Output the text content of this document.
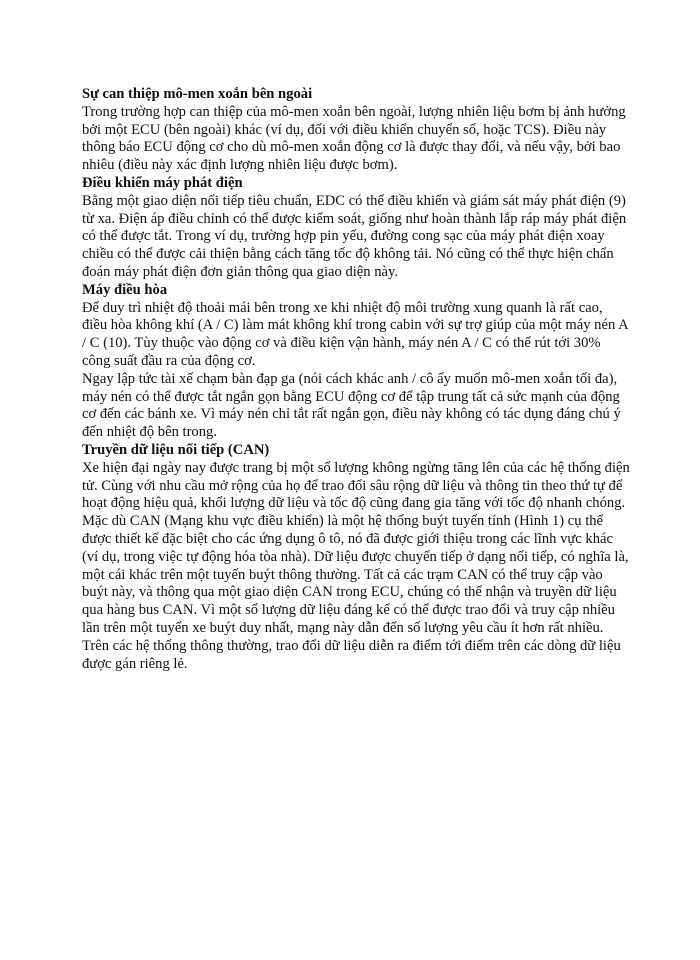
Sự can thiệp mô-men xoắn bên ngoài

Trong trường hợp can thiệp của mô-men xoắn bên ngoài, lượng nhiên liệu bơm bị ảnh hưởng bởi một ECU (bên ngoài) khác (ví dụ, đối với điều khiển chuyển số, hoặc TCS). Điều này thông báo ECU động cơ cho dù mô-men xoắn động cơ là được thay đổi, và nếu vậy, bởi bao nhiêu (điều này xác định lượng nhiên liệu được bơm).

Điều khiển máy phát điện

Bằng một giao diện nối tiếp tiêu chuẩn, EDC có thể điều khiển và giám sát máy phát điện (9) từ xa. Điện áp điều chỉnh có thể được kiểm soát, giống như hoàn thành lắp ráp máy phát điện có thể được tắt. Trong ví dụ, trường hợp pin yếu, đường cong sạc của máy phát điện xoay chiều có thể được cải thiện bằng cách tăng tốc độ không tải. Nó cũng có thể thực hiện chẩn đoán máy phát điện đơn giản thông qua giao diện này.

Máy điều hòa

Để duy trì nhiệt độ thoải mái bên trong xe khi nhiệt độ môi trường xung quanh là rất cao, điều hòa không khí (A / C) làm mát không khí trong cabin với sự trợ giúp của một máy nén A / C (10). Tùy thuộc vào động cơ và điều kiện vận hành, máy nén A / C có thể rút tới 30% công suất đầu ra của động cơ.

Ngay lập tức tài xế chạm bàn đạp ga (nói cách khác anh / cô ấy muốn mô-men xoắn tối đa), máy nén có thể được tắt ngắn gọn bằng ECU động cơ để tập trung tất cả sức mạnh của động cơ đến các bánh xe. Vì máy nén chỉ tắt rất ngắn gọn, điều này không có tác dụng đáng chú ý đến nhiệt độ bên trong.

Truyền dữ liệu nối tiếp (CAN)

Xe hiện đại ngày nay được trang bị một số lượng không ngừng tăng lên của các hệ thống điện tử. Cùng với nhu cầu mở rộng của họ để trao đổi sâu rộng dữ liệu và thông tin theo thứ tự để hoạt động hiệu quả, khối lượng dữ liệu và tốc độ cũng đang gia tăng với tốc độ nhanh chóng.

Mặc dù CAN (Mạng khu vực điều khiển) là một hệ thống buýt tuyến tính (Hình 1) cụ thể được thiết kế đặc biệt cho các ứng dụng ô tô, nó đã được giới thiệu trong các lĩnh vực khác (ví dụ, trong việc tự động hóa tòa nhà). Dữ liệu được chuyển tiếp ở dạng nối tiếp, có nghĩa là, một cái khác trên một tuyến buýt thông thường. Tất cả các trạm CAN có thể truy cập vào buýt này, và thông qua một giao diện CAN trong ECU, chúng có thể nhận và truyền dữ liệu qua hàng bus CAN. Vì một số lượng dữ liệu đáng kể có thể được trao đổi và truy cập nhiều lần trên một tuyến xe buýt duy nhất, mạng này dẫn đến số lượng yêu cầu ít hơn rất nhiều. Trên các hệ thống thông thường, trao đổi dữ liệu diễn ra điểm tới điểm trên các dòng dữ liệu được gán riêng lẻ.
